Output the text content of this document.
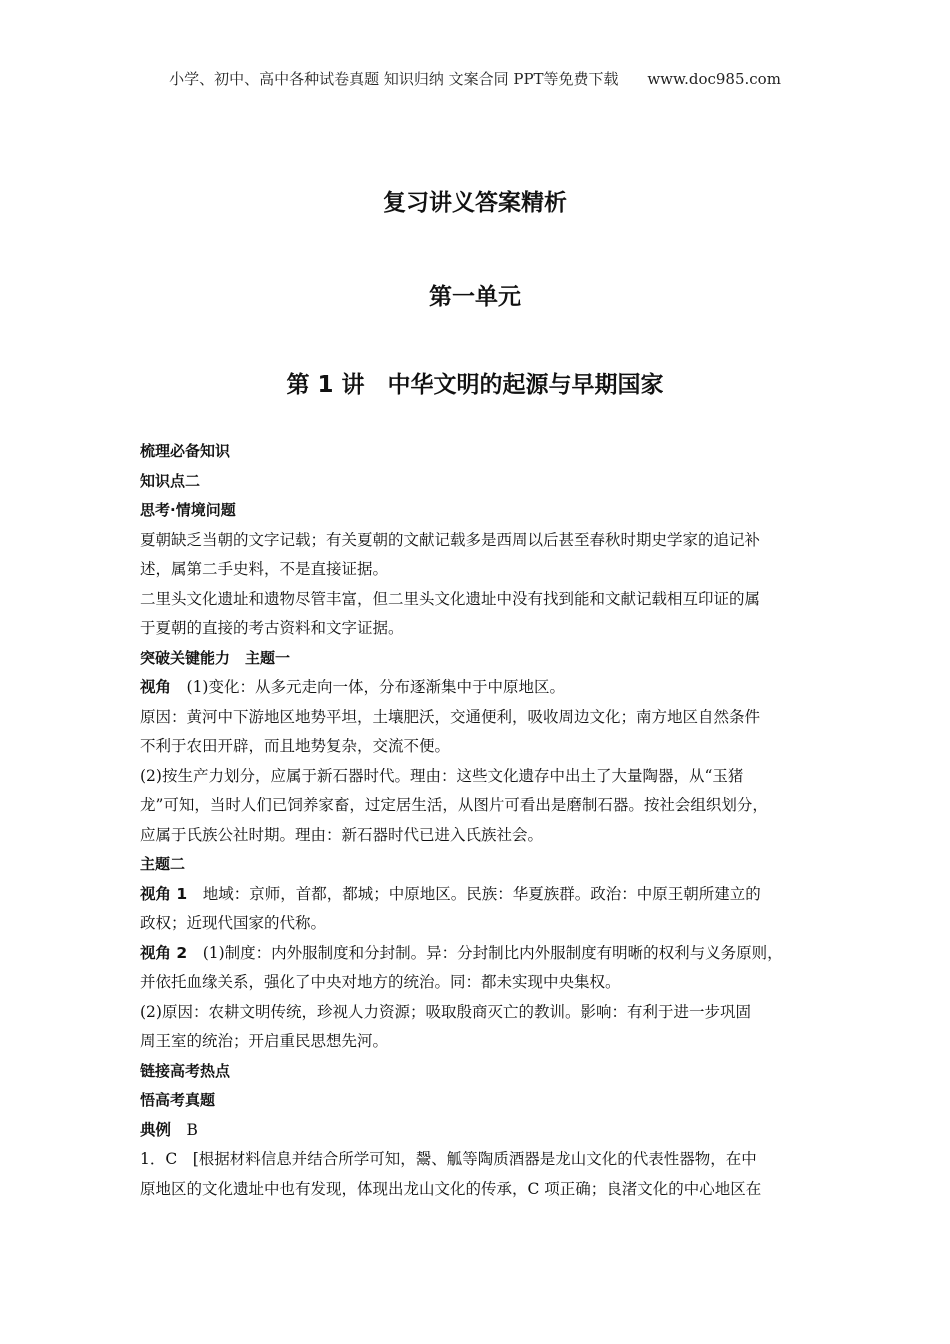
小学、初中、高中各种试卷真题 知识归纳 文案合同 PPT等免费下载 www.doc985.com
复习讲义答案精析
第一单元
第 1 讲　中华文明的起源与早期国家

梳理必备知识

知识点二

思考·情境问题

夏朝缺乏当朝的文字记载；有关夏朝的文献记载多是西周以后甚至春秋时期史学家的追记补

述，属第二手史料，不是直接证据。

二里头文化遗址和遗物尽管丰富，但二里头文化遗址中没有找到能和文献记载相互印证的属

于夏朝的直接的考古资料和文字证据。

突破关键能力　主题一

视角　(1)变化：从多元走向一体，分布逐渐集中于中原地区。

原因：黄河中下游地区地势平坦，土壤肥沃，交通便利，吸收周边文化；南方地区自然条件

不利于农田开辟，而且地势复杂，交流不便。

(2)按生产力划分，应属于新石器时代。理由：这些文化遗存中出土了大量陶器，从“玉猪

龙”可知，当时人们已饲养家畜，过定居生活，从图片可看出是磨制石器。按社会组织划分，

应属于氏族公社时期。理由：新石器时代已进入氏族社会。

主题二

视角 1　地域：京师，首都，都城；中原地区。民族：华夏族群。政治：中原王朝所建立的

政权；近现代国家的代称。

视角 2　(1)制度：内外服制度和分封制。异：分封制比内外服制度有明晰的权利与义务原则，

并依托血缘关系，强化了中央对地方的统治。同：都未实现中央集权。

(2)原因：农耕文明传统，珍视人力资源；吸取殷商灭亡的教训。影响：有利于进一步巩固

周王室的统治；开启重民思想先河。

链接高考热点

悟高考真题

典例　B

1．C　[根据材料信息并结合所学可知，鬶、觚等陶质酒器是龙山文化的代表性器物，在中

原地区的文化遗址中也有发现，体现出龙山文化的传承，C 项正确；良渚文化的中心地区在
